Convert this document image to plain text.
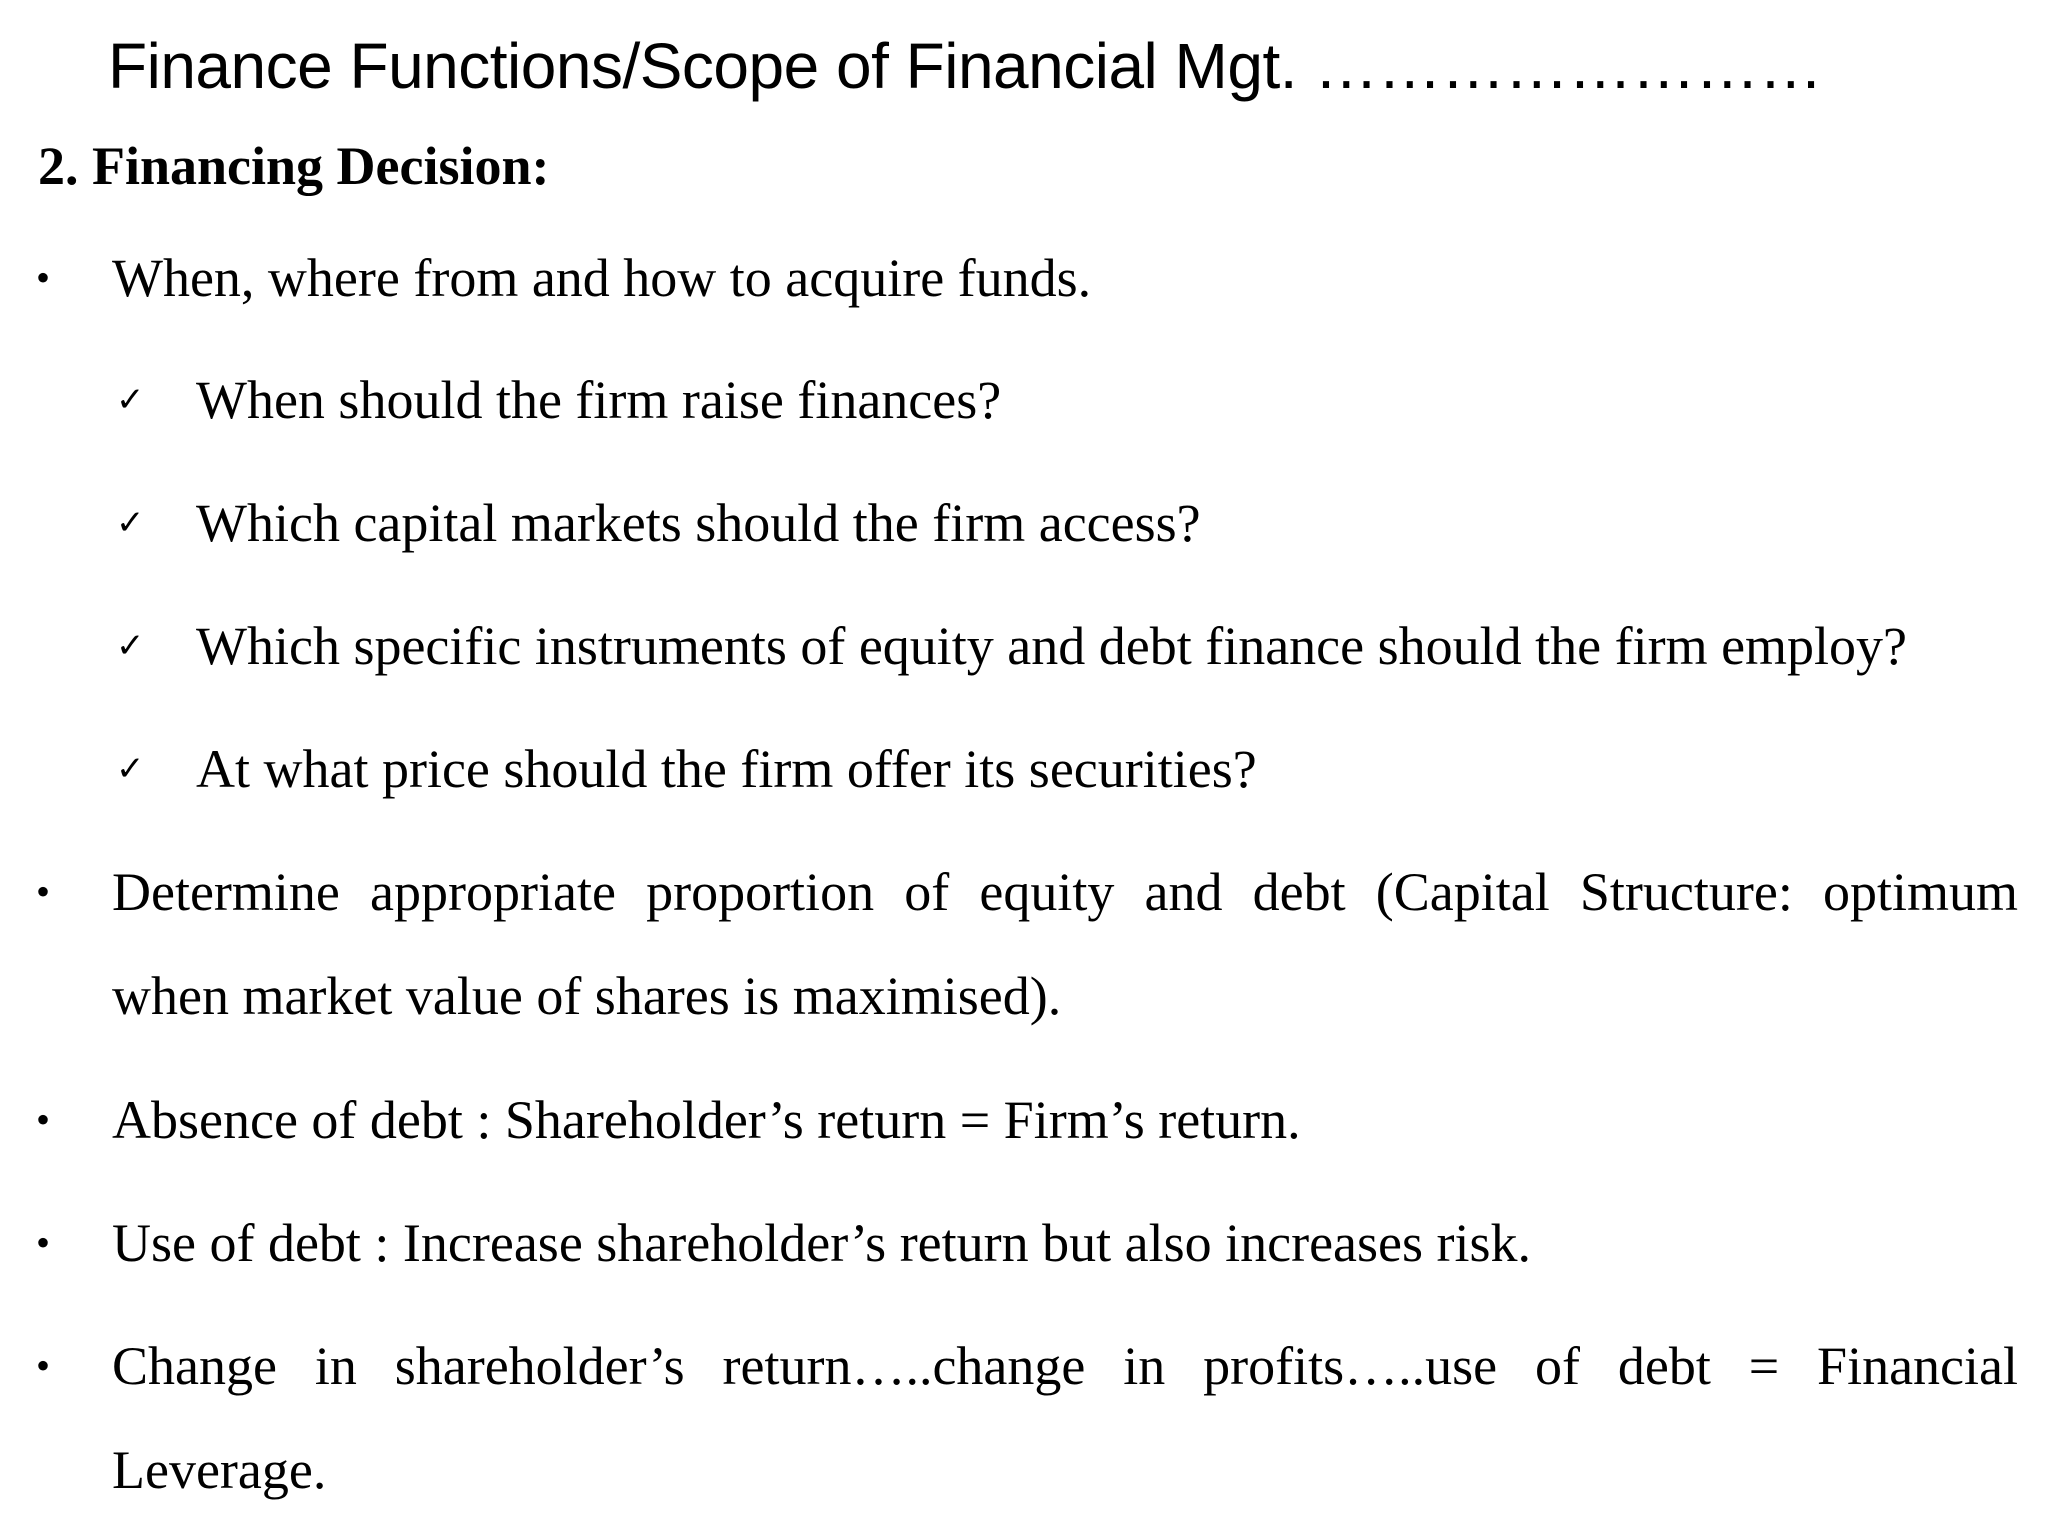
Finance Functions/Scope of Financial Mgt. ……………………
2. Financing Decision:
• When, where from and how to acquire funds.
✓ When should the firm raise finances?
✓ Which capital markets should the firm access?
✓ Which specific instruments of equity and debt finance should the firm employ?
✓ At what price should the firm offer its securities?
• Determine appropriate proportion of equity and debt (Capital Structure: optimum
when market value of shares is maximised).
• Absence of debt : Shareholder’s return = Firm’s return.
• Use of debt : Increase shareholder’s return but also increases risk.
• Change in shareholder’s return…..change in profits…..use of debt = Financial
Leverage.
